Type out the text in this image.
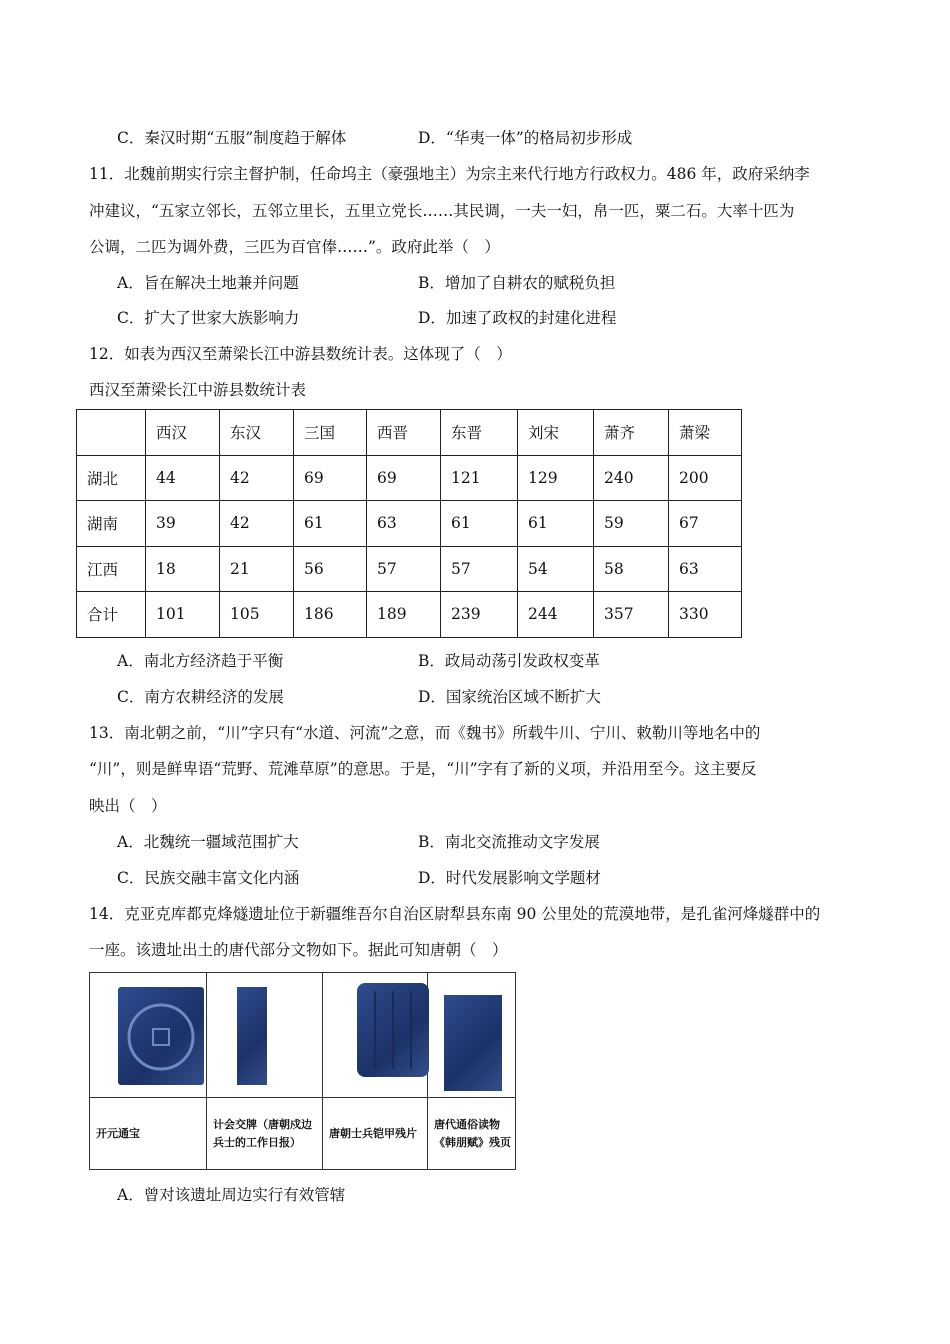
C．秦汉时期“五服”制度趋于解体	D．“华夷一体”的格局初步形成
11．北魏前期实行宗主督护制，任命坞主（豪强地主）为宗主来代行地方行政权力。486 年，政府采纳李
冲建议，“五家立邻长，五邻立里长，五里立党长……其民调，一夫一妇，帛一匹，粟二石。大率十匹为
公调，二匹为调外费，三匹为百官俸……”。政府此举（　）
A．旨在解决土地兼并问题	B．增加了自耕农的赋税负担
C．扩大了世家大族影响力	D．加速了政权的封建化进程
12．如表为西汉至萧梁长江中游县数统计表。这体现了（　）
西汉至萧梁长江中游县数统计表
	西汉	东汉	三国	西晋	东晋	刘宋	萧齐	萧梁
湖北	44	42	69	69	121	129	240	200
湖南	39	42	61	63	61	61	59	67
江西	18	21	56	57	57	54	58	63
合计	101	105	186	189	239	244	357	330
A．南北方经济趋于平衡	B．政局动荡引发政权变革
C．南方农耕经济的发展	D．国家统治区域不断扩大
13．南北朝之前，“川”字只有“水道、河流”之意，而《魏书》所载牛川、宁川、敕勒川等地名中的
“川”，则是鲜卑语“荒野、荒滩草原”的意思。于是，“川”字有了新的义项，并沿用至今。这主要反
映出（　）
A．北魏统一疆域范围扩大	B．南北交流推动文字发展
C．民族交融丰富文化内涵	D．时代发展影响文学题材
14．克亚克库都克烽燧遗址位于新疆维吾尔自治区尉犁县东南 90 公里处的荒漠地带，是孔雀河烽燧群中的
一座。该遗址出土的唐代部分文物如下。据此可知唐朝（　）
开元通宝
计会交牌（唐朝戍边兵士的工作日报）
唐朝士兵铠甲残片
唐代通俗读物《韩朋赋》残页
A．曾对该遗址周边实行有效管辖
